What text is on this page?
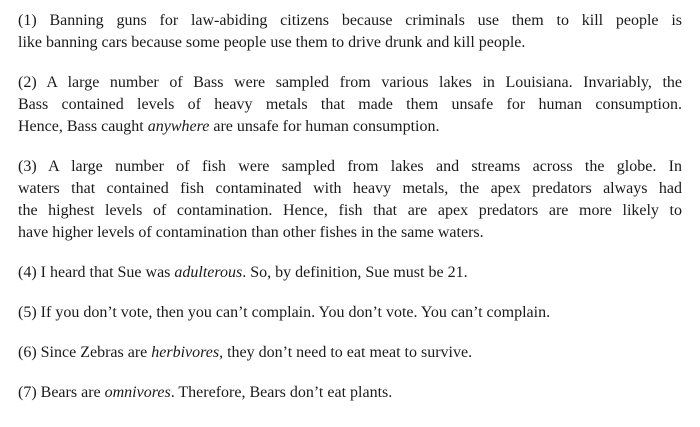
(1) Banning guns for law-abiding citizens because criminals use them to kill people is
like banning cars because some people use them to drive drunk and kill people.

(2) A large number of Bass were sampled from various lakes in Louisiana. Invariably, the
Bass contained levels of heavy metals that made them unsafe for human consumption.
Hence, Bass caught anywhere are unsafe for human consumption.

(3) A large number of fish were sampled from lakes and streams across the globe. In
waters that contained fish contaminated with heavy metals, the apex predators always had
the highest levels of contamination. Hence, fish that are apex predators are more likely to
have higher levels of contamination than other fishes in the same waters.

(4) I heard that Sue was adulterous. So, by definition, Sue must be 21.

(5) If you don’t vote, then you can’t complain. You don’t vote. You can’t complain.

(6) Since Zebras are herbivores, they don’t need to eat meat to survive.

(7) Bears are omnivores. Therefore, Bears don’t eat plants.
